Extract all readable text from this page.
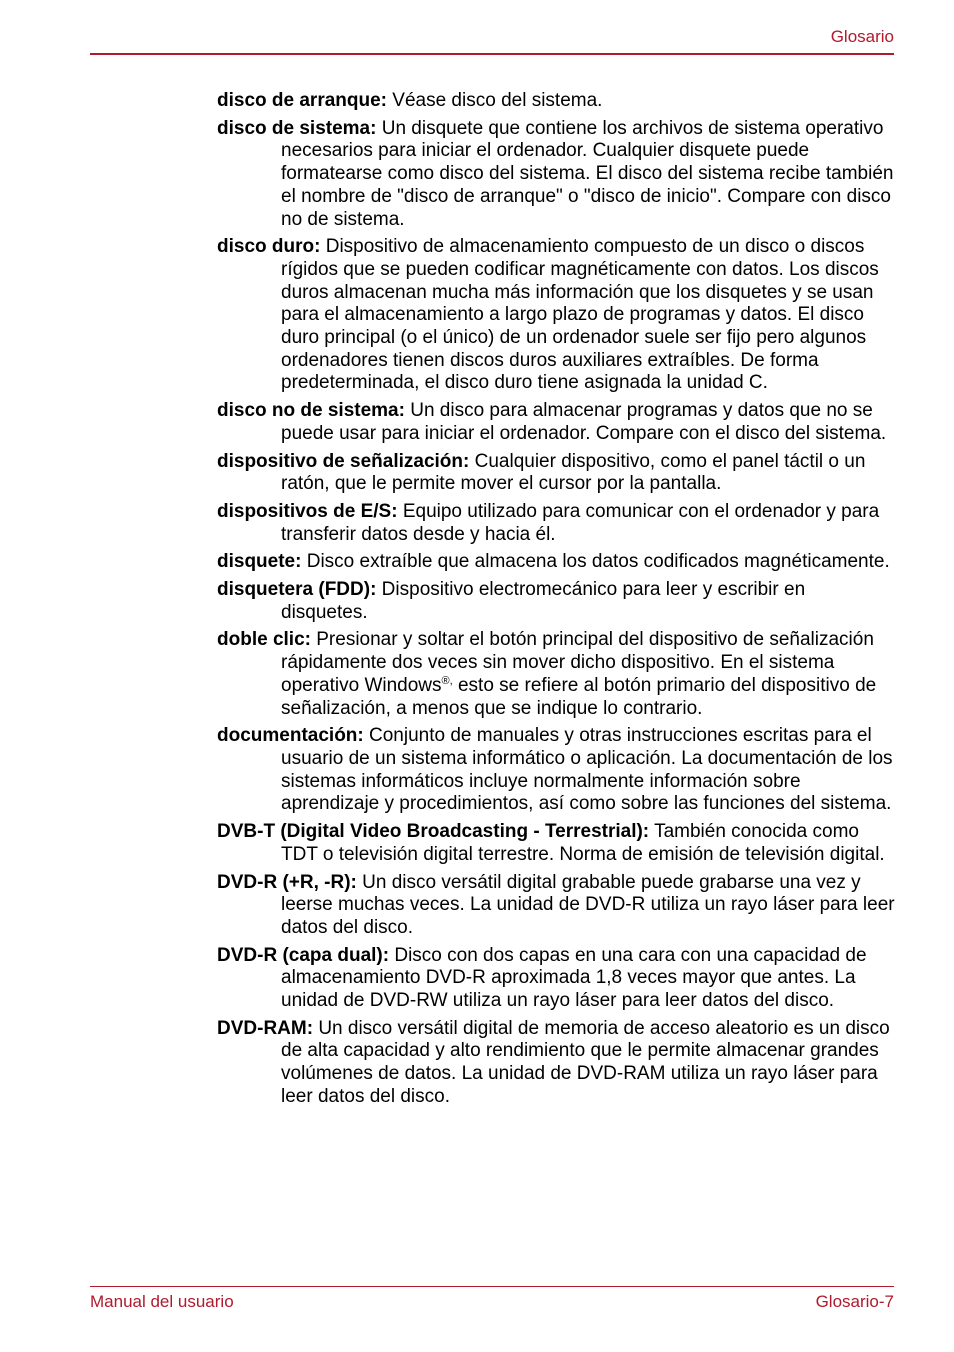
Glosario

disco de arranque: Véase disco del sistema.

disco de sistema: Un disquete que contiene los archivos de sistema operativo necesarios para iniciar el ordenador. Cualquier disquete puede formatearse como disco del sistema. El disco del sistema recibe también el nombre de "disco de arranque" o "disco de inicio". Compare con disco no de sistema.

disco duro: Dispositivo de almacenamiento compuesto de un disco o discos rígidos que se pueden codificar magnéticamente con datos. Los discos duros almacenan mucha más información que los disquetes y se usan para el almacenamiento a largo plazo de programas y datos. El disco duro principal (o el único) de un ordenador suele ser fijo pero algunos ordenadores tienen discos duros auxiliares extraíbles. De forma predeterminada, el disco duro tiene asignada la unidad C.

disco no de sistema: Un disco para almacenar programas y datos que no se puede usar para iniciar el ordenador. Compare con el disco del sistema.

dispositivo de señalización: Cualquier dispositivo, como el panel táctil o un ratón, que le permite mover el cursor por la pantalla.

dispositivos de E/S: Equipo utilizado para comunicar con el ordenador y para transferir datos desde y hacia él.

disquete: Disco extraíble que almacena los datos codificados magnéticamente.

disquetera (FDD): Dispositivo electromecánico para leer y escribir en disquetes.

doble clic: Presionar y soltar el botón principal del dispositivo de señalización rápidamente dos veces sin mover dicho dispositivo. En el sistema operativo Windows®, esto se refiere al botón primario del dispositivo de señalización, a menos que se indique lo contrario.

documentación: Conjunto de manuales y otras instrucciones escritas para el usuario de un sistema informático o aplicación. La documentación de los sistemas informáticos incluye normalmente información sobre aprendizaje y procedimientos, así como sobre las funciones del sistema.

DVB-T (Digital Video Broadcasting - Terrestrial): También conocida como TDT o televisión digital terrestre. Norma de emisión de televisión digital.

DVD-R (+R, -R): Un disco versátil digital grabable puede grabarse una vez y leerse muchas veces. La unidad de DVD-R utiliza un rayo láser para leer datos del disco.

DVD-R (capa dual): Disco con dos capas en una cara con una capacidad de almacenamiento DVD-R aproximada 1,8 veces mayor que antes. La unidad de DVD-RW utiliza un rayo láser para leer datos del disco.

DVD-RAM: Un disco versátil digital de memoria de acceso aleatorio es un disco de alta capacidad y alto rendimiento que le permite almacenar grandes volúmenes de datos. La unidad de DVD-RAM utiliza un rayo láser para leer datos del disco.

Manual del usuario	Glosario-7
